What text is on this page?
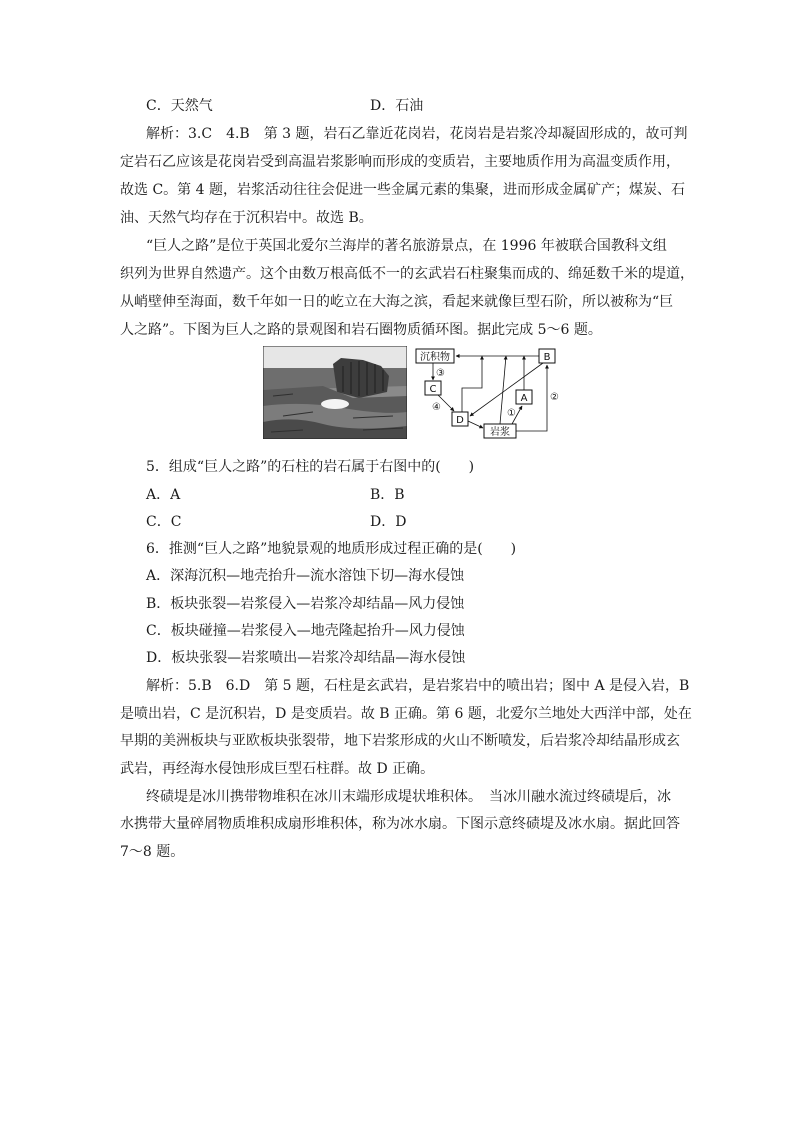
C．天然气	D．石油
解析：3.C　4.B　第 3 题，岩石乙靠近花岗岩，花岗岩是岩浆冷却凝固形成的，故可判
定岩石乙应该是花岗岩受到高温岩浆影响而形成的变质岩，主要地质作用为高温变质作用，
故选 C。第 4 题，岩浆活动往往会促进一些金属元素的集聚，进而形成金属矿产；煤炭、石
油、天然气均存在于沉积岩中。故选 B。
“巨人之路”是位于英国北爱尔兰海岸的著名旅游景点，在 1996 年被联合国教科文组
织列为世界自然遗产。这个由数万根高低不一的玄武岩石柱聚集而成的、绵延数千米的堤道，
从峭壁伸至海面，数千年如一日的屹立在大海之滨，看起来就像巨型石阶，所以被称为“巨
人之路”。下图为巨人之路的景观图和岩石圈物质循环图。据此完成 5～6 题。
沉积物	B
C
A
D
岩浆
①
②
③
④
5．组成“巨人之路”的石柱的岩石属于右图中的(　　)
A．A	B．B
C．C	D．D
6．推测“巨人之路”地貌景观的地质形成过程正确的是(　　)
A．深海沉积—地壳抬升—流水溶蚀下切—海水侵蚀
B．板块张裂—岩浆侵入—岩浆冷却结晶—风力侵蚀
C．板块碰撞—岩浆侵入—地壳隆起抬升—风力侵蚀
D．板块张裂—岩浆喷出—岩浆冷却结晶—海水侵蚀
解析：5.B　6.D　第 5 题，石柱是玄武岩，是岩浆岩中的喷出岩；图中 A 是侵入岩，B
是喷出岩，C 是沉积岩，D 是变质岩。故 B 正确。第 6 题，北爱尔兰地处大西洋中部，处在
早期的美洲板块与亚欧板块张裂带，地下岩浆形成的火山不断喷发，后岩浆冷却结晶形成玄
武岩，再经海水侵蚀形成巨型石柱群。故 D 正确。
终碛堤是冰川携带物堆积在冰川末端形成堤状堆积体。　当冰川融水流过终碛堤后，冰
水携带大量碎屑物质堆积成扇形堆积体，称为冰水扇。下图示意终碛堤及冰水扇。据此回答
7～8 题。
